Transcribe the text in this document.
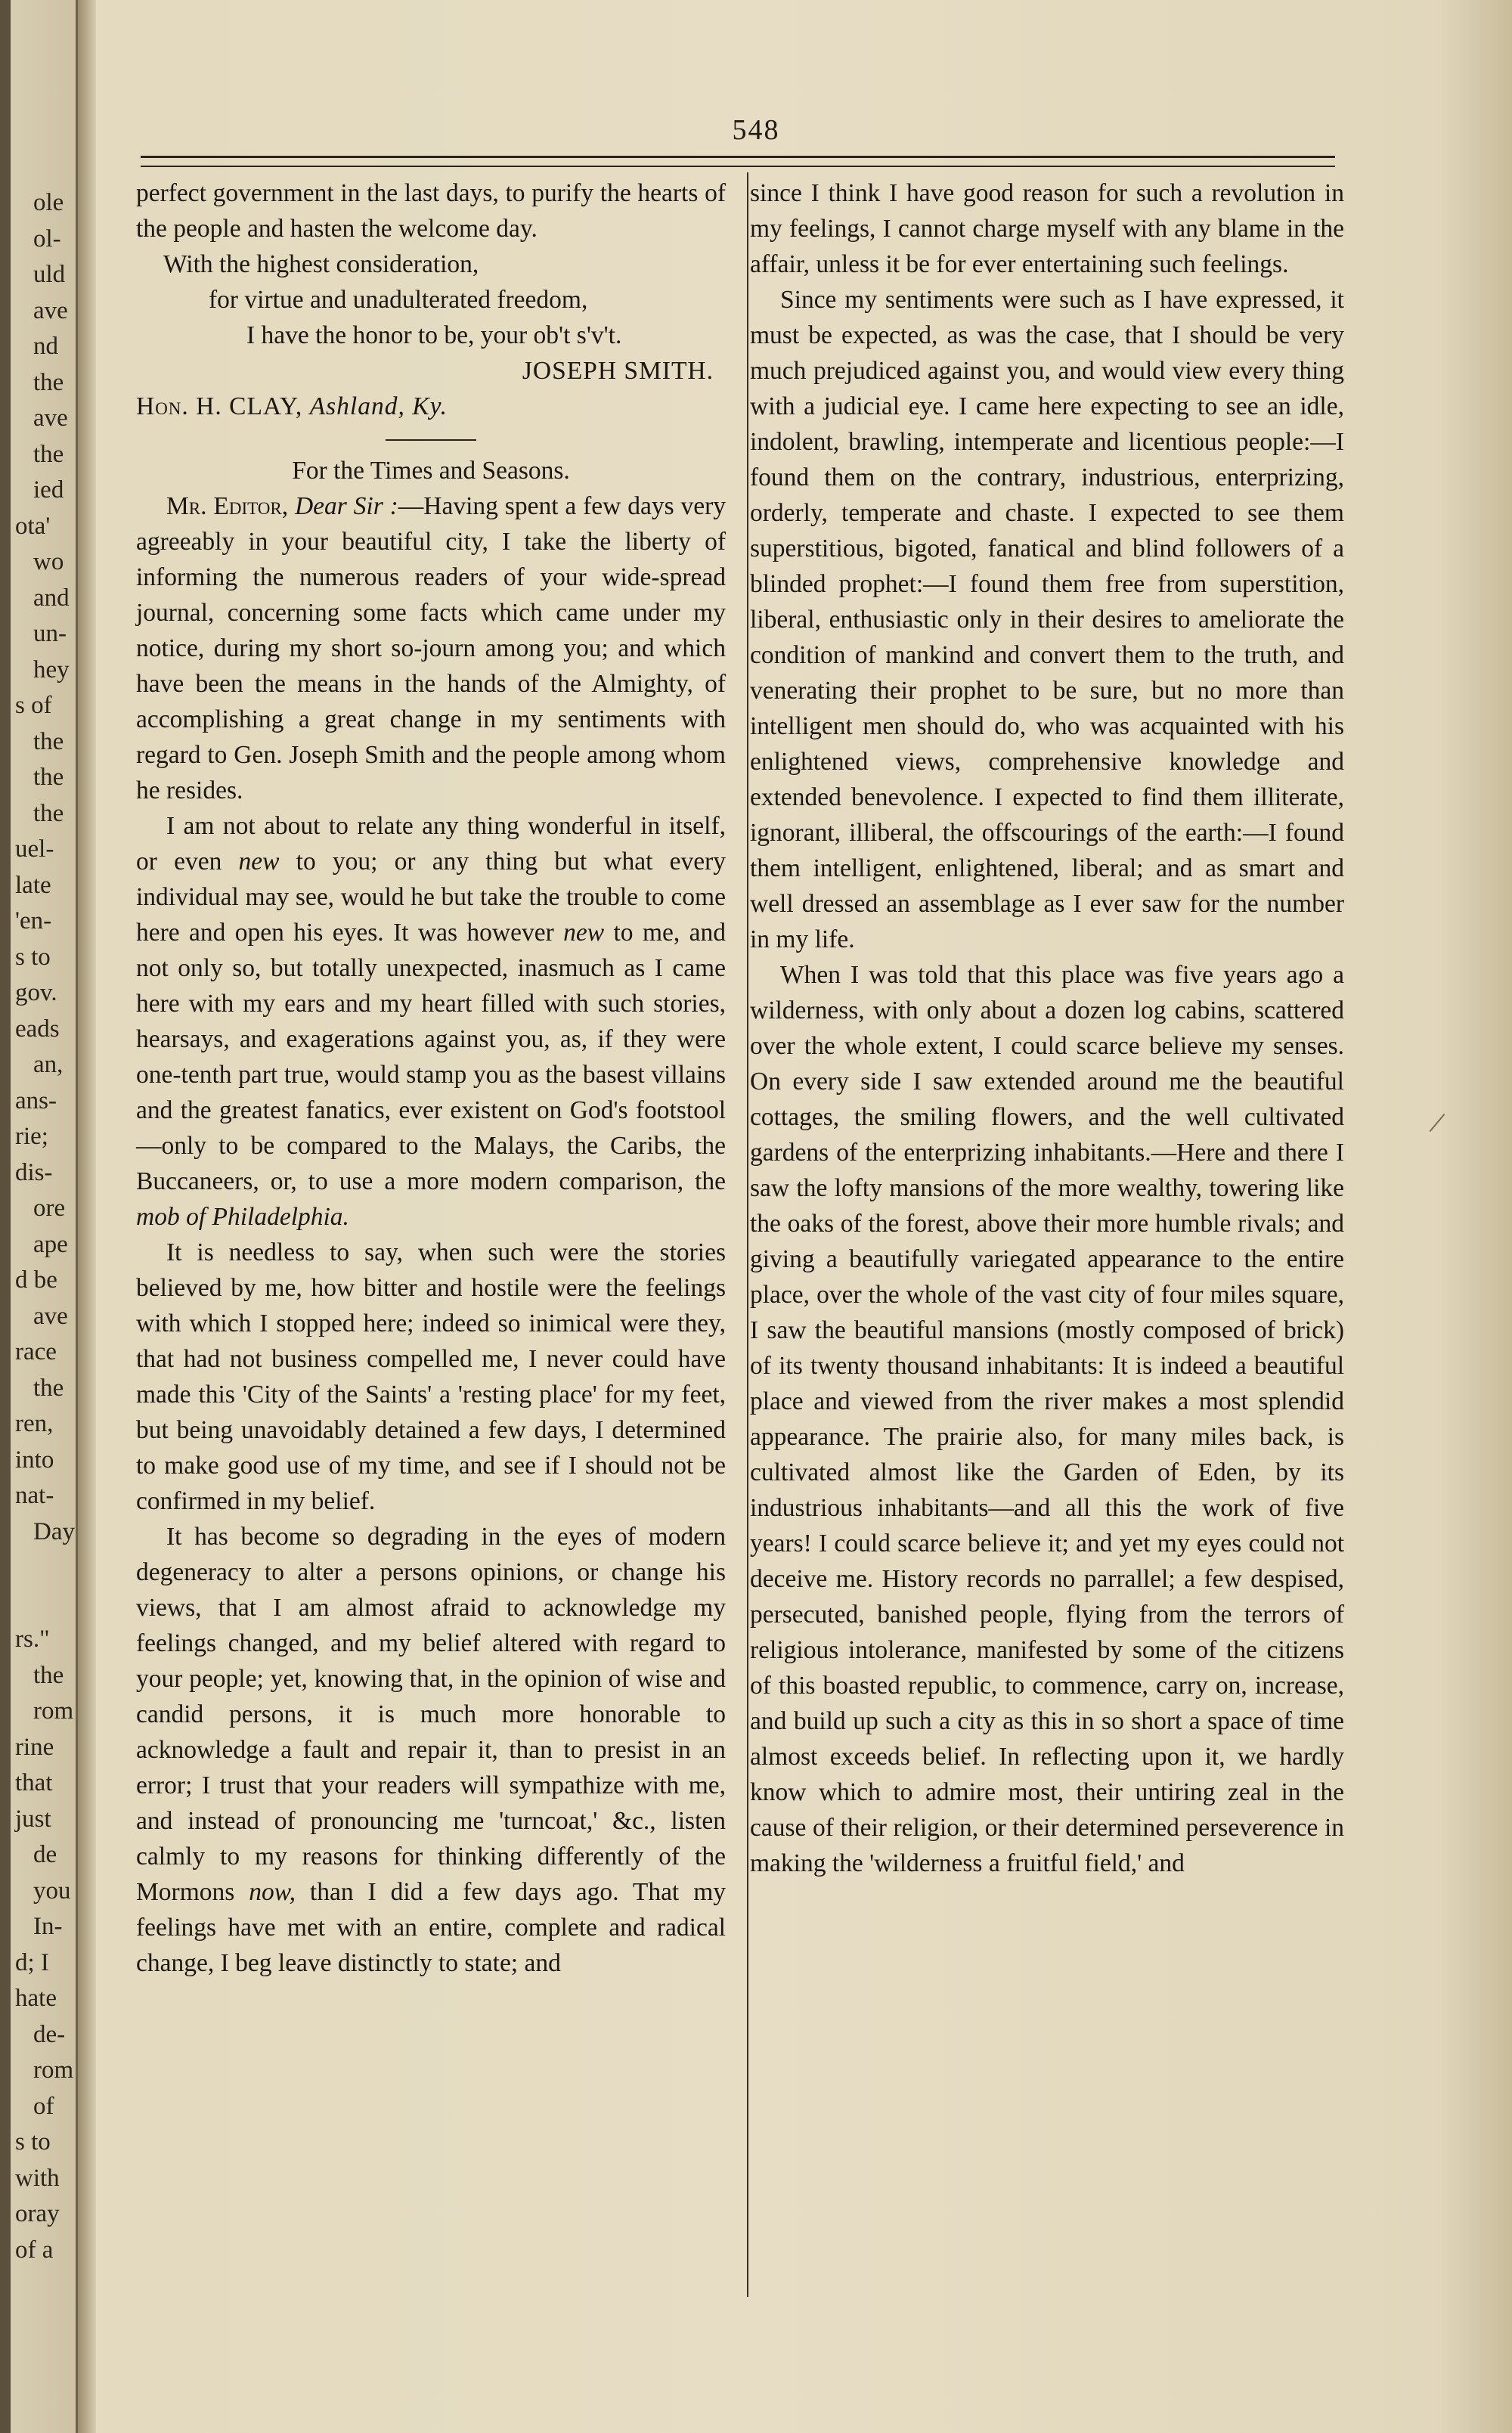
ole
ol-
uld
ave
nd
the
ave
the
ied
ota'
wo
and
un-
hey
s of
the
the
the
uel-
late
'en-
s to
gov.
eads
an,
ans-
rie;
dis-
ore
ape
d be
ave
race
the
ren,
into
nat-
Day
rs."
the
rom
rine
that
just
de
you
In-
d; I
hate
de-
rom
of
s to
with
oray
of a
548

perfect government in the last days, to purify the hearts of the people and hasten the welcome day.

With the highest consideration,

for virtue and unadulterated freedom,

I have the honor to be, your ob't s'v't.

JOSEPH SMITH.

Hon. H. CLAY, Ashland, Ky.

For the Times and Seasons.

Mr. Editor, Dear Sir :—Having spent a few days very agreeably in your beautiful city, I take the liberty of informing the numerous readers of your wide-spread journal, concerning some facts which came under my notice, during my short so-journ among you; and which have been the means in the hands of the Almighty, of accomplishing a great change in my sentiments with regard to Gen. Joseph Smith and the people among whom he resides.

I am not about to relate any thing wonderful in itself, or even new to you; or any thing but what every individual may see, would he but take the trouble to come here and open his eyes. It was however new to me, and not only so, but totally unexpected, inasmuch as I came here with my ears and my heart filled with such stories, hearsays, and exagerations against you, as, if they were one-tenth part true, would stamp you as the basest villains and the greatest fanatics, ever existent on God's footstool—only to be compared to the Malays, the Caribs, the Buccaneers, or, to use a more modern comparison, the mob of Philadelphia.

It is needless to say, when such were the stories believed by me, how bitter and hostile were the feelings with which I stopped here; indeed so inimical were they, that had not business compelled me, I never could have made this 'City of the Saints' a 'resting place' for my feet, but being unavoidably detained a few days, I determined to make good use of my time, and see if I should not be confirmed in my belief.

It has become so degrading in the eyes of modern degeneracy to alter a persons opinions, or change his views, that I am almost afraid to acknowledge my feelings changed, and my belief altered with regard to your people; yet, knowing that, in the opinion of wise and candid persons, it is much more honorable to acknowledge a fault and repair it, than to presist in an error; I trust that your readers will sympathize with me, and instead of pronouncing me 'turncoat,' &c., listen calmly to my reasons for thinking differently of the Mormons now, than I did a few days ago. That my feelings have met with an entire, complete and radical change, I beg leave distinctly to state; and

since I think I have good reason for such a revolution in my feelings, I cannot charge myself with any blame in the affair, unless it be for ever entertaining such feelings.

Since my sentiments were such as I have expressed, it must be expected, as was the case, that I should be very much prejudiced against you, and would view every thing with a judicial eye. I came here expecting to see an idle, indolent, brawling, intemperate and licentious people:—I found them on the contrary, industrious, enterprizing, orderly, temperate and chaste. I expected to see them superstitious, bigoted, fanatical and blind followers of a blinded prophet:—I found them free from superstition, liberal, enthusiastic only in their desires to ameliorate the condition of mankind and convert them to the truth, and venerating their prophet to be sure, but no more than intelligent men should do, who was acquainted with his enlightened views, comprehensive knowledge and extended benevolence. I expected to find them illiterate, ignorant, illiberal, the offscourings of the earth:—I found them intelligent, enlightened, liberal; and as smart and well dressed an assemblage as I ever saw for the number in my life.

When I was told that this place was five years ago a wilderness, with only about a dozen log cabins, scattered over the whole extent, I could scarce believe my senses. On every side I saw extended around me the beautiful cottages, the smiling flowers, and the well cultivated gardens of the enterprizing inhabitants.—Here and there I saw the lofty mansions of the more wealthy, towering like the oaks of the forest, above their more humble rivals; and giving a beautifully variegated appearance to the entire place, over the whole of the vast city of four miles square, I saw the beautiful mansions (mostly composed of brick) of its twenty thousand inhabitants: It is indeed a beautiful place and viewed from the river makes a most splendid appearance. The prairie also, for many miles back, is cultivated almost like the Garden of Eden, by its industrious inhabitants—and all this the work of five years! I could scarce believe it; and yet my eyes could not deceive me. History records no parrallel; a few despised, persecuted, banished people, flying from the terrors of religious intolerance, manifested by some of the citizens of this boasted republic, to commence, carry on, increase, and build up such a city as this in so short a space of time almost exceeds belief. In reflecting upon it, we hardly know which to admire most, their untiring zeal in the cause of their religion, or their determined perseverence in making the 'wilderness a fruitful field,' and
